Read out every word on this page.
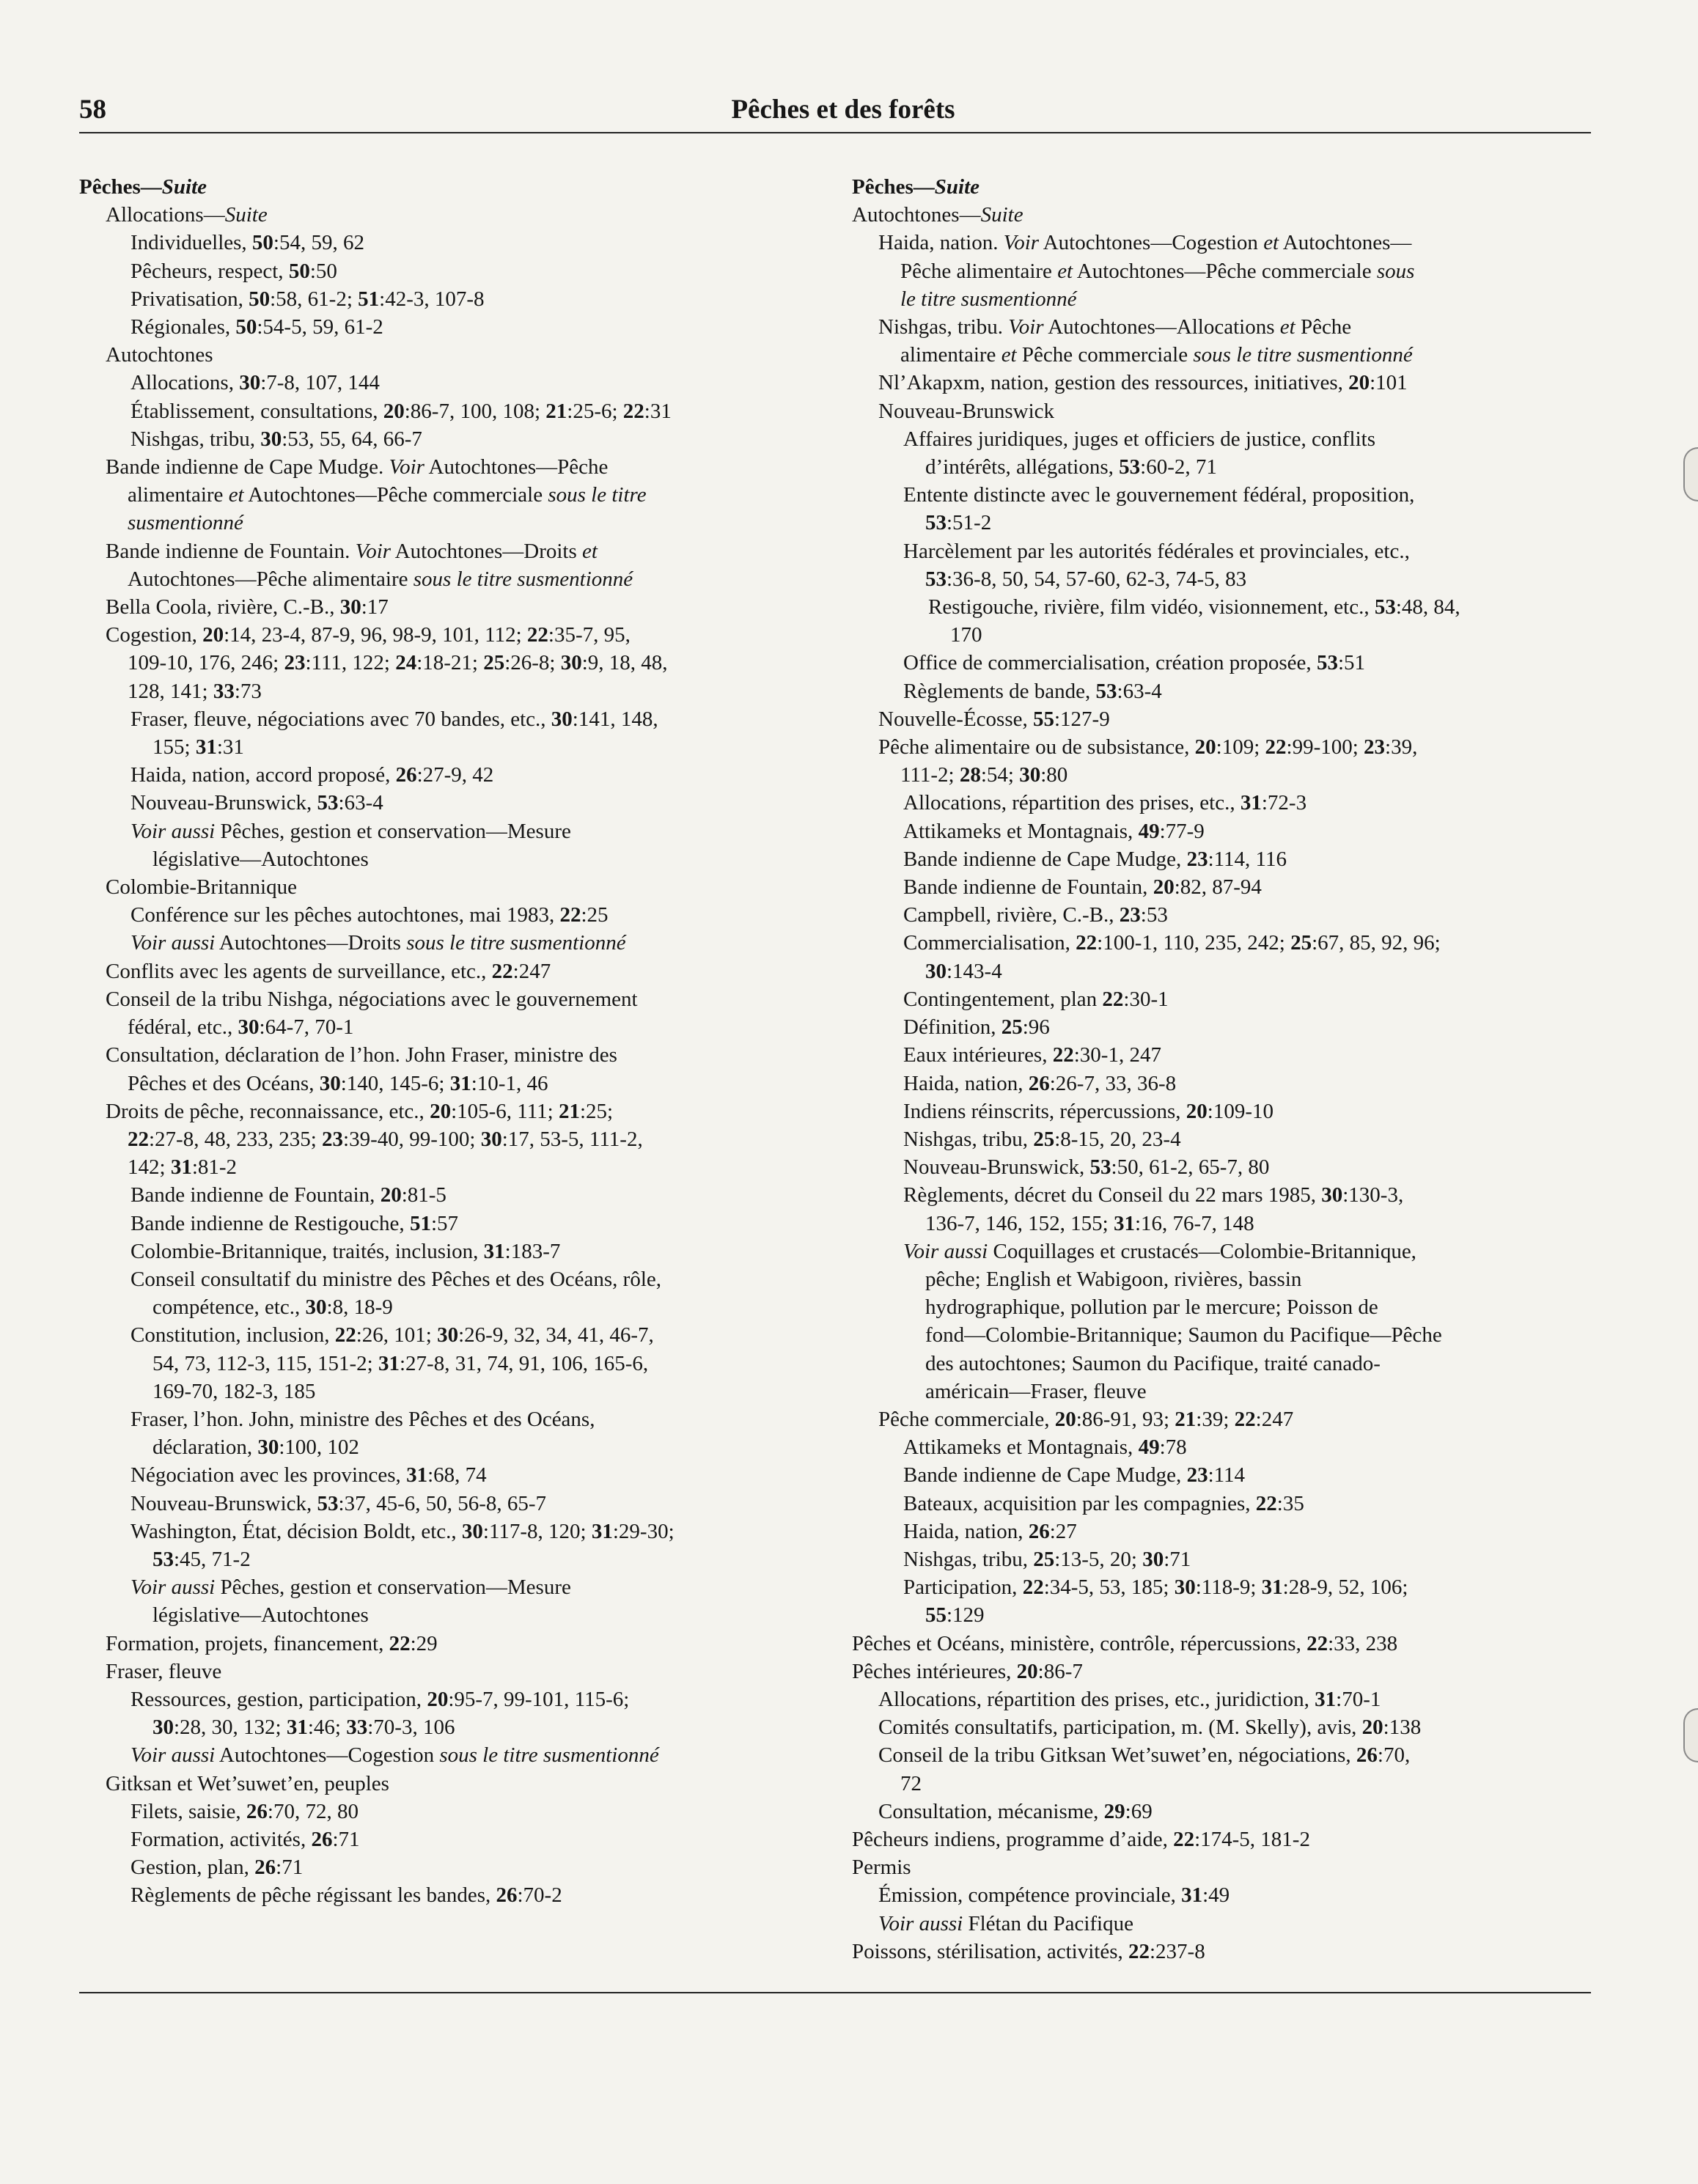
58	Pêches et des forêts
Pêches—Suite
Allocations—Suite
Individuelles, 50:54, 59, 62
Pêcheurs, respect, 50:50
Privatisation, 50:58, 61-2; 51:42-3, 107-8
Régionales, 50:54-5, 59, 61-2
Autochtones
Allocations, 30:7-8, 107, 144
Établissement, consultations, 20:86-7, 100, 108; 21:25-6; 22:31
Nishgas, tribu, 30:53, 55, 64, 66-7
Bande indienne de Cape Mudge. Voir Autochtones—Pêche
alimentaire et Autochtones—Pêche commerciale sous le titre
susmentionné
Bande indienne de Fountain. Voir Autochtones—Droits et
Autochtones—Pêche alimentaire sous le titre susmentionné
Bella Coola, rivière, C.-B., 30:17
Cogestion, 20:14, 23-4, 87-9, 96, 98-9, 101, 112; 22:35-7, 95,
109-10, 176, 246; 23:111, 122; 24:18-21; 25:26-8; 30:9, 18, 48,
128, 141; 33:73
Fraser, fleuve, négociations avec 70 bandes, etc., 30:141, 148,
155; 31:31
Haida, nation, accord proposé, 26:27-9, 42
Nouveau-Brunswick, 53:63-4
Voir aussi Pêches, gestion et conservation—Mesure
législative—Autochtones
Colombie-Britannique
Conférence sur les pêches autochtones, mai 1983, 22:25
Voir aussi Autochtones—Droits sous le titre susmentionné
Conflits avec les agents de surveillance, etc., 22:247
Conseil de la tribu Nishga, négociations avec le gouvernement
fédéral, etc., 30:64-7, 70-1
Consultation, déclaration de l’hon. John Fraser, ministre des
Pêches et des Océans, 30:140, 145-6; 31:10-1, 46
Droits de pêche, reconnaissance, etc., 20:105-6, 111; 21:25;
22:27-8, 48, 233, 235; 23:39-40, 99-100; 30:17, 53-5, 111-2,
142; 31:81-2
Bande indienne de Fountain, 20:81-5
Bande indienne de Restigouche, 51:57
Colombie-Britannique, traités, inclusion, 31:183-7
Conseil consultatif du ministre des Pêches et des Océans, rôle,
compétence, etc., 30:8, 18-9
Constitution, inclusion, 22:26, 101; 30:26-9, 32, 34, 41, 46-7,
54, 73, 112-3, 115, 151-2; 31:27-8, 31, 74, 91, 106, 165-6,
169-70, 182-3, 185
Fraser, l’hon. John, ministre des Pêches et des Océans,
déclaration, 30:100, 102
Négociation avec les provinces, 31:68, 74
Nouveau-Brunswick, 53:37, 45-6, 50, 56-8, 65-7
Washington, État, décision Boldt, etc., 30:117-8, 120; 31:29-30;
53:45, 71-2
Voir aussi Pêches, gestion et conservation—Mesure
législative—Autochtones
Formation, projets, financement, 22:29
Fraser, fleuve
Ressources, gestion, participation, 20:95-7, 99-101, 115-6;
30:28, 30, 132; 31:46; 33:70-3, 106
Voir aussi Autochtones—Cogestion sous le titre susmentionné
Gitksan et Wet’suwet’en, peuples
Filets, saisie, 26:70, 72, 80
Formation, activités, 26:71
Gestion, plan, 26:71
Règlements de pêche régissant les bandes, 26:70-2
Pêches—Suite
Autochtones—Suite
Haida, nation. Voir Autochtones—Cogestion et Autochtones—
Pêche alimentaire et Autochtones—Pêche commerciale sous
le titre susmentionné
Nishgas, tribu. Voir Autochtones—Allocations et Pêche
alimentaire et Pêche commerciale sous le titre susmentionné
Nl’Akapxm, nation, gestion des ressources, initiatives, 20:101
Nouveau-Brunswick
Affaires juridiques, juges et officiers de justice, conflits
d’intérêts, allégations, 53:60-2, 71
Entente distincte avec le gouvernement fédéral, proposition,
53:51-2
Harcèlement par les autorités fédérales et provinciales, etc.,
53:36-8, 50, 54, 57-60, 62-3, 74-5, 83
Restigouche, rivière, film vidéo, visionnement, etc., 53:48, 84,
170
Office de commercialisation, création proposée, 53:51
Règlements de bande, 53:63-4
Nouvelle-Écosse, 55:127-9
Pêche alimentaire ou de subsistance, 20:109; 22:99-100; 23:39,
111-2; 28:54; 30:80
Allocations, répartition des prises, etc., 31:72-3
Attikameks et Montagnais, 49:77-9
Bande indienne de Cape Mudge, 23:114, 116
Bande indienne de Fountain, 20:82, 87-94
Campbell, rivière, C.-B., 23:53
Commercialisation, 22:100-1, 110, 235, 242; 25:67, 85, 92, 96;
30:143-4
Contingentement, plan 22:30-1
Définition, 25:96
Eaux intérieures, 22:30-1, 247
Haida, nation, 26:26-7, 33, 36-8
Indiens réinscrits, répercussions, 20:109-10
Nishgas, tribu, 25:8-15, 20, 23-4
Nouveau-Brunswick, 53:50, 61-2, 65-7, 80
Règlements, décret du Conseil du 22 mars 1985, 30:130-3,
136-7, 146, 152, 155; 31:16, 76-7, 148
Voir aussi Coquillages et crustacés—Colombie-Britannique,
pêche; English et Wabigoon, rivières, bassin
hydrographique, pollution par le mercure; Poisson de
fond—Colombie-Britannique; Saumon du Pacifique—Pêche
des autochtones; Saumon du Pacifique, traité canado-
américain—Fraser, fleuve
Pêche commerciale, 20:86-91, 93; 21:39; 22:247
Attikameks et Montagnais, 49:78
Bande indienne de Cape Mudge, 23:114
Bateaux, acquisition par les compagnies, 22:35
Haida, nation, 26:27
Nishgas, tribu, 25:13-5, 20; 30:71
Participation, 22:34-5, 53, 185; 30:118-9; 31:28-9, 52, 106;
55:129
Pêches et Océans, ministère, contrôle, répercussions, 22:33, 238
Pêches intérieures, 20:86-7
Allocations, répartition des prises, etc., juridiction, 31:70-1
Comités consultatifs, participation, m. (M. Skelly), avis, 20:138
Conseil de la tribu Gitksan Wet’suwet’en, négociations, 26:70,
72
Consultation, mécanisme, 29:69
Pêcheurs indiens, programme d’aide, 22:174-5, 181-2
Permis
Émission, compétence provinciale, 31:49
Voir aussi Flétan du Pacifique
Poissons, stérilisation, activités, 22:237-8
